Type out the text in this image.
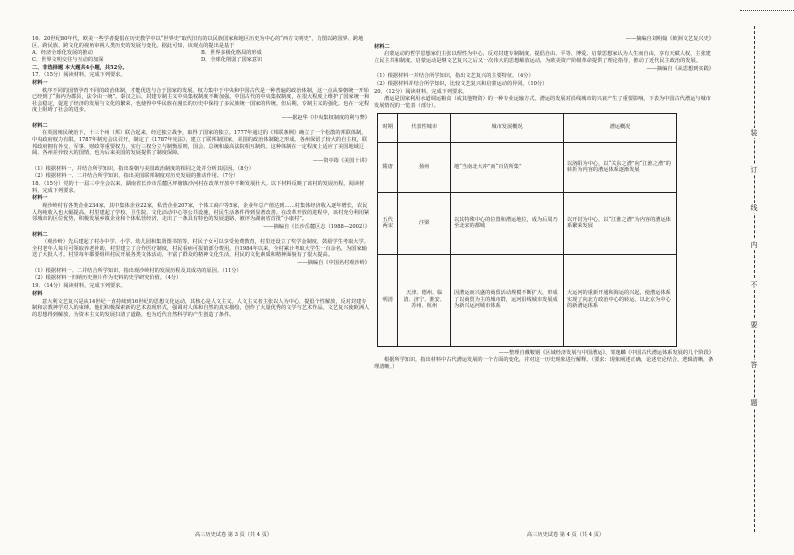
16．20世纪80年代，欧美一些学者提倡在历史教学中以“世界史”取代旧有的以民族国家和地区历史为中心的“西方文明史”，力图以跨国界、跨地区、跨民族、跨文化的视角审视人类历史的发展与变化。据此可知，该观点的提出是基于

A．经济全球化发展的推动	B．世界多极化格局的形成
C．世界文明交往与互动的加深	D．全球化削弱了国家意识

二、非选择题 本大题共4小题，共52分。

17．（15分）阅读材料，完成下列要求。

材料一

秩序不同的国情孕育不同的政治体制，才能优选与合于国家的发展。权力集中于中央和中国古代是一种普遍的政治体制，这一点从秦朝统一开始已经到了“海内为郡县，法令由一统”。秦汉之后，封建专制主义中央集权制度不断加强。中国古代的中央集权制度，在很大程度上维护了国家统一和社会稳定，促进了经济的发展与文化的繁荣，也使得中华民族在漫长的历史中保持了多民族统一国家的传统。但后期，专制主义的强化，也在一定程度上阻碍了社会的进步。

——据赵华《中央集权制度的利与弊》

材料二

在英国殖民统治下，十三个州（邦）联合起来，经过独立战争，取得了国家的独立。1777年通过的《邦联条例》确立了一个松散的邦联体制，中央政府权力有限。1787年制宪会议召开，制定了《1787年宪法》，建立了联邦制国家，美国的政治体制随之形成。各州保留了较大的自主权，联邦政府拥有外交、军事、财政等重要权力，实行三权分立与制衡原则，国会、总统和最高法院相互制约。这种体制在一定程度上适应了美国地域辽阔、各州差异较大的国情，也为后来美国的发展提供了制度保障。

——资中筠《美国十讲》

（1）根据材料一，并结合所学知识，指出秦朝与美国政治制度的相同之处并分析其原因。（8分）

（2）根据材料一、二并结合所学知识，指出美国联邦制度对历史发展的推动作用。（7分）

18．（15分）党的十一届三中全会以来，湖南省长沙市岳麓区坪塘镇沙河村在改革开放中不断发展壮大。以下材料反映了该村的发展历程。阅读材料，完成下列要求。

材料一

观沙岭村有各类企业234家，其中集体企业22家，私营企业207家，个体工商户等5家，企业年总产值达到……村集体经济收入逐年增长，农民人均纯收入也大幅提高。村里建起了学校、卫生院、文化活动中心等公共设施，村民生活条件得到显著改善。在改革开放的进程中，该村充分利用紧邻城市的区位优势，积极发展乡镇企业和个体私营经济，走出了一条具有特色的发展道路，被评为湖南省首批“小康村”。

——摘编自《长沙岳麓区志（1988—2002）》

材料二

（观沙岭）先后建起了村办中学、小学、幼儿园和集贤图书馆等，村民子女可以享受免费教育，村里还设立了奖学金制度，鼓励学生考取大学。全村老年人每月可领取养老补助，村里建立了合作医疗制度，村民看病可报销部分费用。自1984年以来，全村累计考取大学生一百余名，为国家输送了大批人才。村里每年都要组织村民开展各类文体活动，丰富了群众的精神文化生活，村民的文化素质和精神面貌有了很大提高。

——摘编自《中国名村观沙岭》

（1）根据材料一、二并结合所学知识，指出观沙岭村的发展历程及其成功的原因。（11分）

（2）根据材料一归纳历史照片作为史料的史学研究价值。（4分）

19．（14分）阅读材料，完成下列要求。

材料

意大利文艺复兴是从14世纪一直持续到16世纪的思想文化运动，其核心是人文主义。人文主义者主张以人为中心，提倡个性解放，反对封建专制和宗教神学对人的束缚。他们积极探索新的艺术表现形式，强调对人体和自然的真实描绘，创作了大量优秀的文学与艺术作品。文艺复兴使欧洲人的思想得到解放，为资本主义的发展扫清了道路，也为近代自然科学的产生创造了条件。

——摘编自刘明翰《欧洲文艺复兴史》

材料二

启蒙运动的哲学思想家们主张以理性为中心，反对封建专制制度，提倡自由、平等、博爱。启蒙思想家认为人生而自由，享有天赋人权，主张建立民主共和制度。启蒙运动是继文艺复兴之后又一次伟大的思想解放运动，为欧美资产阶级革命提供了理论指导，推动了近代民主政治的发展。

——摘编自《从思想到实践》

（1）根据材料一并结合所学知识，指出文艺复兴的主要特征。（4分）

（2）根据材料并结合所学知识，比较文艺复兴和启蒙运动的异同。（10分）

20．（12分）阅读材料，完成下列要求。

漕运是国家利用水道调运粮食（或其他物资）的一种专业运输方式。漕运的发展对沿线城市的兴衰产生了重要影响。下表为中国古代漕运与城市发展情况的一览表（部分）。

时期	代表性城市	城市发展概况	漕运概况
隋唐	扬州	地“当南北大冲”而“百货所集”	以洛阳为中心，以“关东之漕”向“江淮之漕”的转折为内容的漕运体系逐渐发展
五代两宋	汴梁	以其特殊中心的位置和漕运地位，成为后周乃至北宋的都城	以开封为中心，以“江淮之漕”为内容的漕运体系繁荣发展
明清	天津、德州、临清、济宁、淮安、苏州、杭州	因漕运而兴盛的商贸活动规模不断扩大，形成了以商贸为主的城市群，运河沿线城市发展成为新兴运河城市体系	大运河的重新开通和海运的兴起，使漕运体系实现了向北方政治中心的转运，以北京为中心的新漕运体系

——整理自戴鞍钢《区域经济发展与中国漕运》、邹逸麟《中国古代漕运体系发展的几个阶段》

根据所学知识，指出材料中古代漕运发展的一个方面的变化，并对这一历史现象进行解释。（要求：现象阐述正确，论述史论结合，逻辑清晰，条理清晰。）

高三历史试卷 第 3 页（共 4 页）	高三历史试卷 第 4 页（共 4 页）
装
订
线
内
不
要
答
题
